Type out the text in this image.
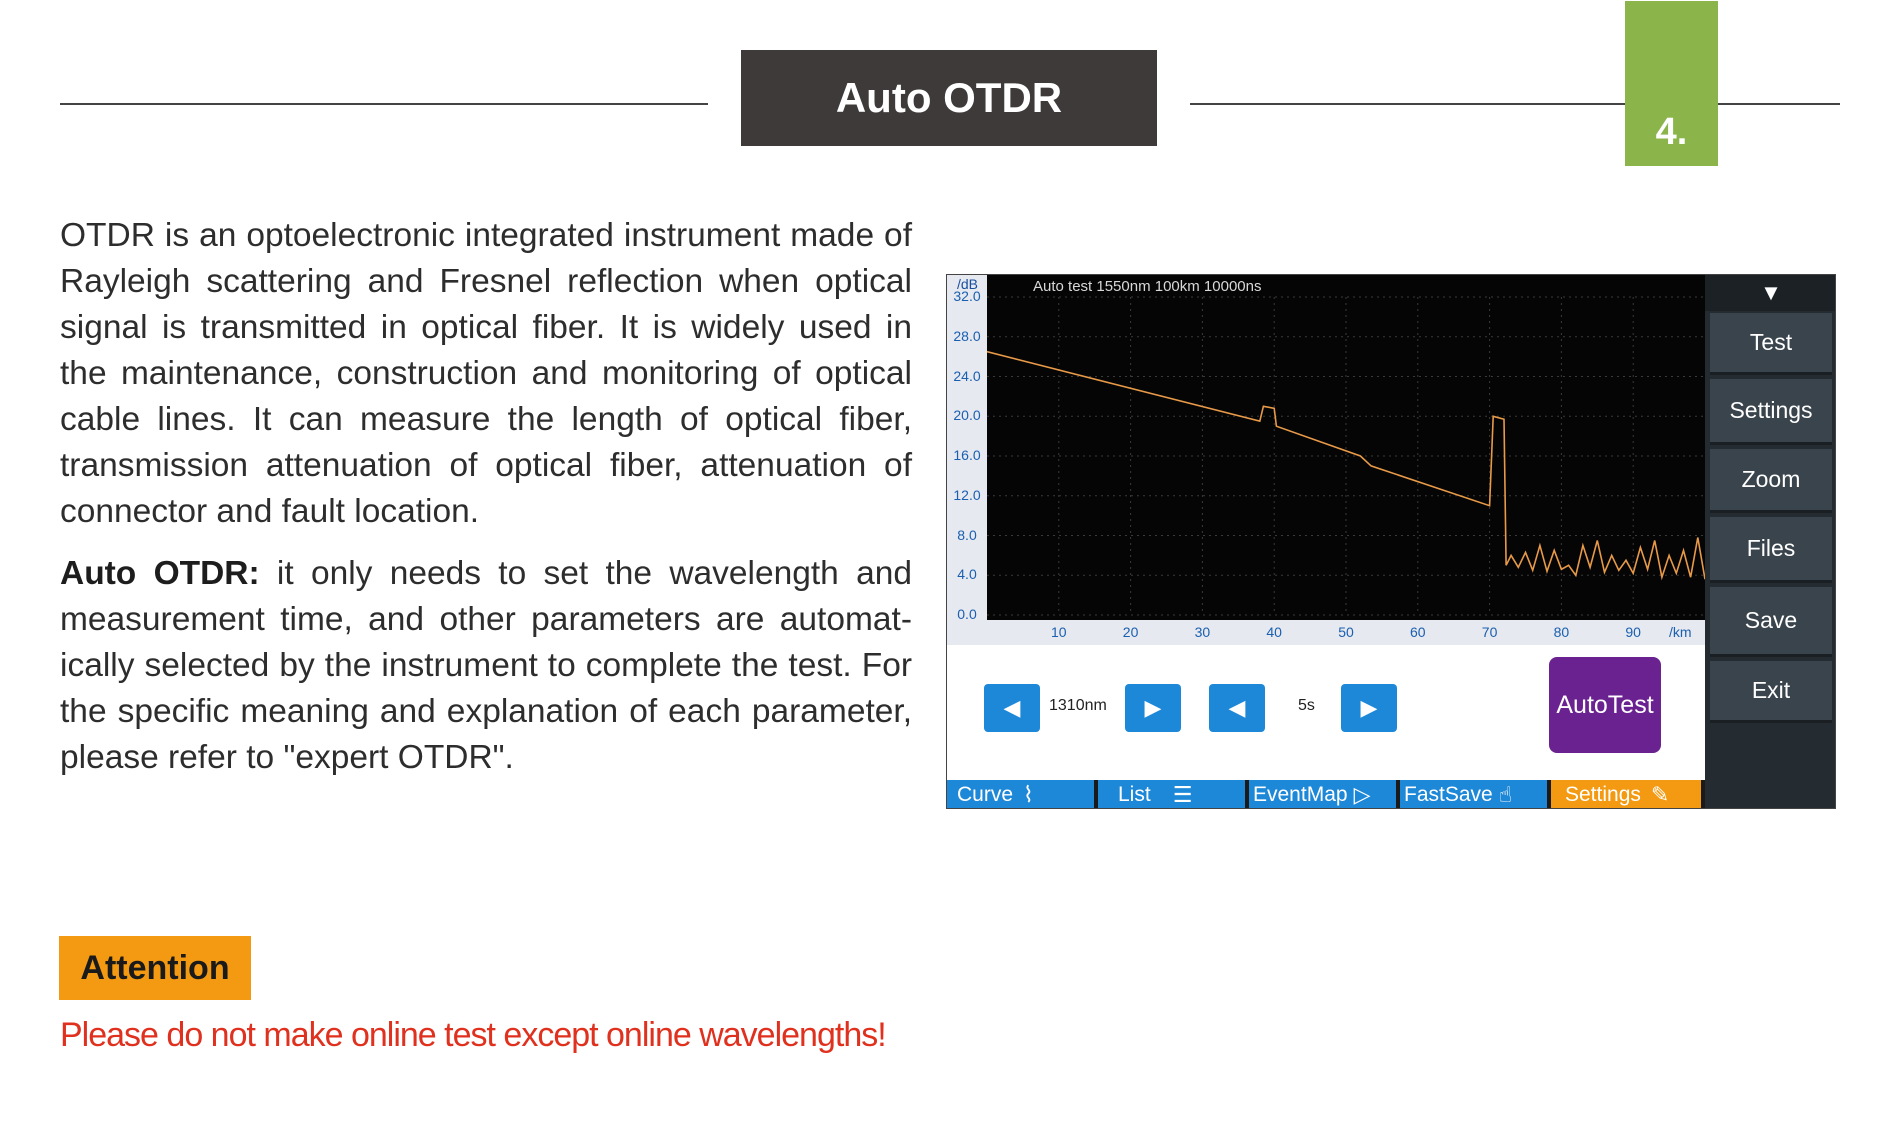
Auto OTDR
4.

OTDR is an optoelectronic integrated instrument made of Rayleigh scattering and Fresnel reflection when optical signal is transmitted in optical fiber. It is widely used in the maintenance, construction and monitoring of optical cable lines. It can measure the length of optical fiber, transmission attenuation of optical fiber, attenuation of connector and fault location.

Auto OTDR: it only needs to set the wavelength and measurement time, and other parameters are automat-ically selected by the instrument to complete the test. For the specific meaning and explanation of each parameter, please refer to "expert OTDR".

Attention
Please do not make online test except online wavelengths!
/dB
32.0
28.0
24.0
20.0
16.0
12.0
8.0
4.0
0.0
Auto test 1550nm 100km 10000ns
10	20	30	40	50	60	70	80	90 /km
◀ 1310nm ▶	◀	5s ▶	AutoTest
Curve ⌇	List ☰	EventMap ▷ FastSave ☝	Settings ✎
▼
Test
Settings
Zoom
Files
Save
Exit
